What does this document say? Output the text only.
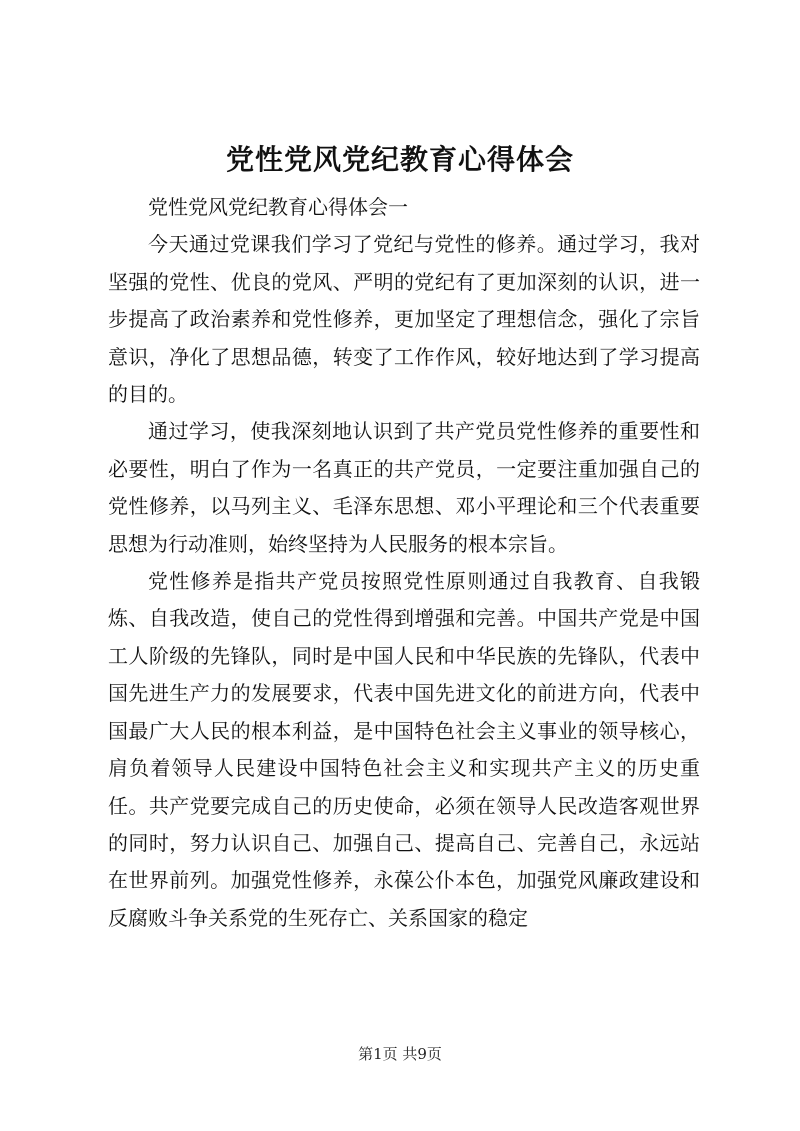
党性党风党纪教育心得体会

党性党风党纪教育心得体会一

今天通过党课我们学习了党纪与党性的修养。通过学习，我对坚强的党性、优良的党风、严明的党纪有了更加深刻的认识，进一步提高了政治素养和党性修养，更加坚定了理想信念，强化了宗旨意识，净化了思想品德，转变了工作作风，较好地达到了学习提高的目的。

通过学习，使我深刻地认识到了共产党员党性修养的重要性和必要性，明白了作为一名真正的共产党员，一定要注重加强自己的党性修养，以马列主义、毛泽东思想、邓小平理论和三个代表重要思想为行动准则，始终坚持为人民服务的根本宗旨。

党性修养是指共产党员按照党性原则通过自我教育、自我锻炼、自我改造，使自己的党性得到增强和完善。中国共产党是中国工人阶级的先锋队，同时是中国人民和中华民族的先锋队，代表中国先进生产力的发展要求，代表中国先进文化的前进方向，代表中国最广大人民的根本利益，是中国特色社会主义事业的领导核心，肩负着领导人民建设中国特色社会主义和实现共产主义的历史重任。共产党要完成自己的历史使命，必须在领导人民改造客观世界的同时，努力认识自己、加强自己、提高自己、完善自己，永远站在世界前列。加强党性修养，永葆公仆本色，加强党风廉政建设和反腐败斗争关系党的生死存亡、关系国家的稳定

第1页 共9页
